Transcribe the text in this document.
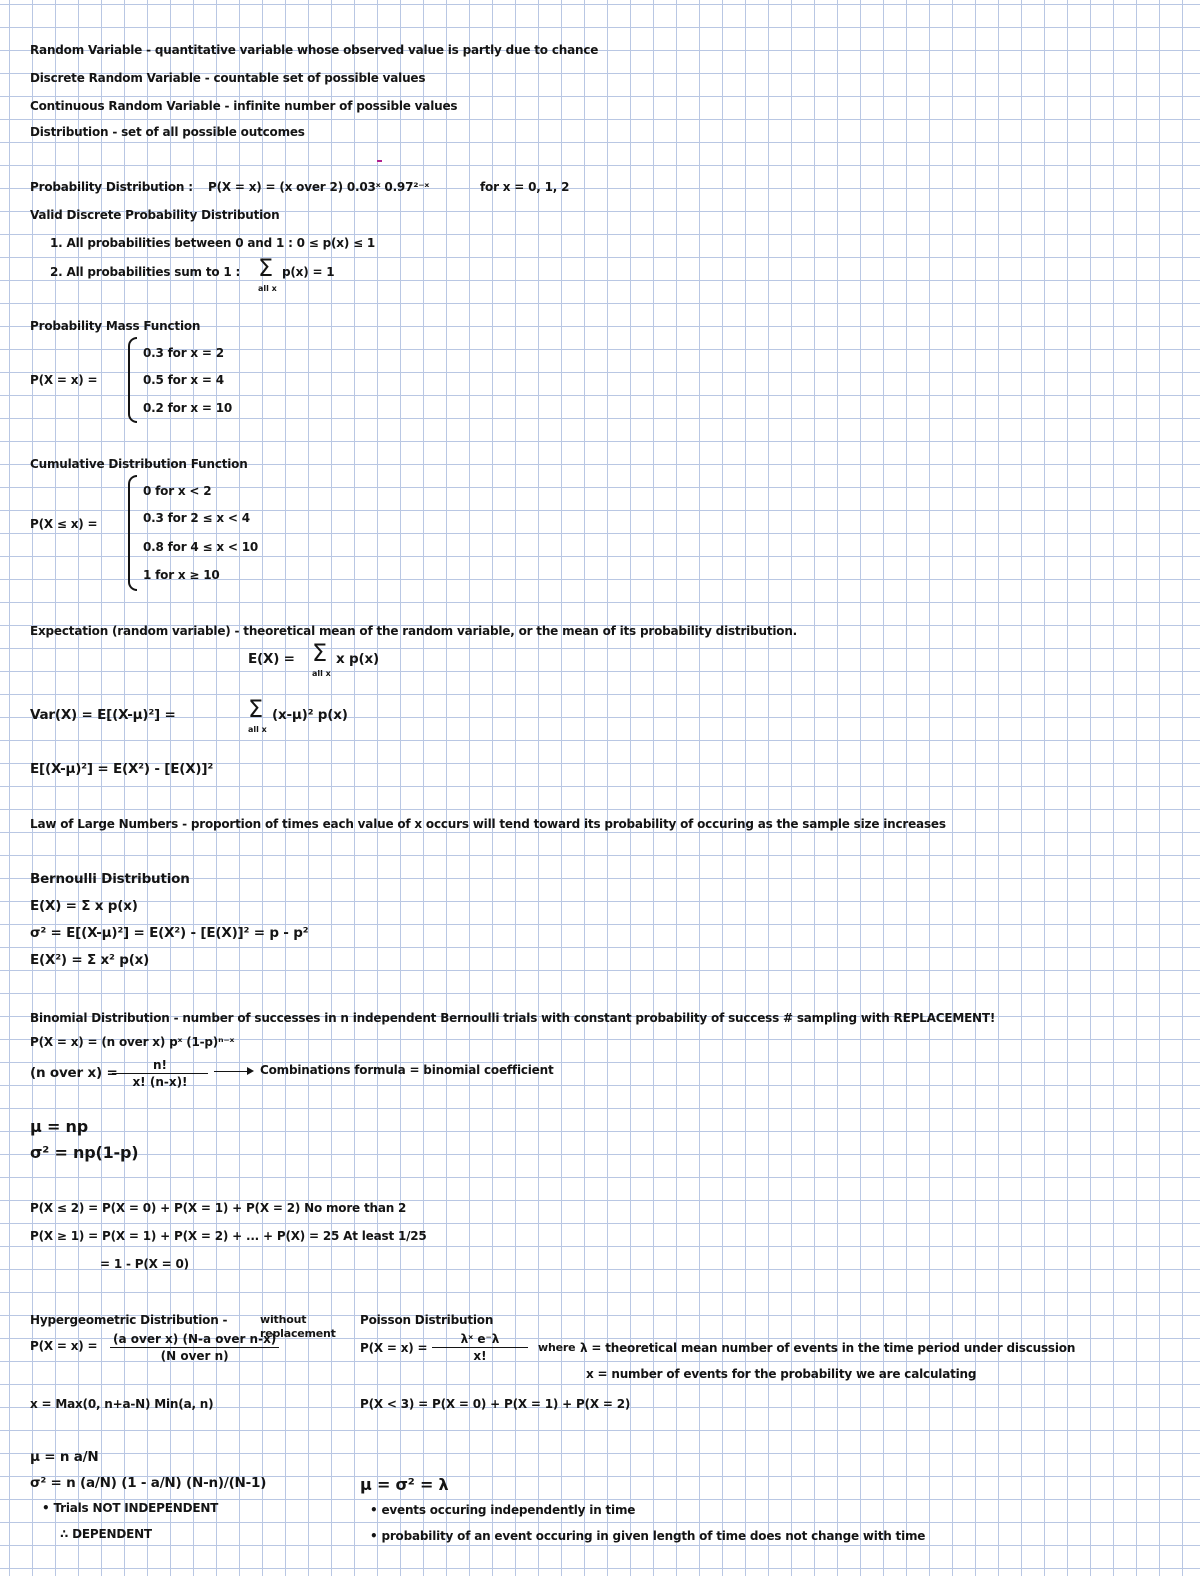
Random Variable - quantitative variable whose observed value is partly due to chance
Discrete Random Variable - countable set of possible values
Continuous Random Variable - infinite number of possible values
Distribution - set of all possible outcomes
Probability Distribution : P(X = x) = (x over 2) 0.03ˣ 0.97²⁻ˣ	for x = 0, 1, 2
Valid Discrete Probability Distribution
1. All probabilities between 0 and 1 : 0 ≤ p(x) ≤ 1
2. All probabilities sum to 1 : Σ
all x
p(x) = 1
Probability Mass Function
P(X = x) =
0.3 for x = 2
0.5 for x = 4
0.2 for x = 10
Cumulative Distribution Function
P(X ≤ x) =
0 for x < 2
0.3 for 2 ≤ x < 4
0.8 for 4 ≤ x < 10
1 for x ≥ 10
Expectation (random variable) - theoretical mean of the random variable, or the mean of its probability distribution.
E(X) = Σ
all x
x p(x)
Var(X) = E[(X-μ)²] =	Σ
all x
(x-μ)² p(x)
E[(X-μ)²] = E(X²) - [E(X)]²
Law of Large Numbers - proportion of times each value of x occurs will tend toward its probability of occuring as the sample size increases
Bernoulli Distribution
E(X) = Σ x p(x)
σ² = E[(X-μ)²] = E(X²) - [E(X)]² = p - p²
E(X²) = Σ x² p(x)
Binomial Distribution - number of successes in n independent Bernoulli trials with constant probability of success # sampling with REPLACEMENT!
P(X = x) = (n over x) pˣ (1-p)ⁿ⁻ˣ
(n over x) =
$\frac{n!}{x! (n-x)!}$	Combinations formula = binomial coefficient
μ = np
σ² = np(1-p)
P(X ≤ 2) = P(X = 0) + P(X = 1) + P(X = 2) No more than 2
P(X ≥ 1) = P(X = 1) + P(X = 2) + ... + P(X) = 25 At least 1/25
= 1 - P(X = 0)
Hypergeometric Distribution -	without
replacement
P(X = x) = (a over x) (N-a over n-x)
(N over n)
x = Max(0, n+a-N) Min(a, n)
μ = n a/N
σ² = n (a/N) (1 - a/N) (N-n)/(N-1)
• Trials NOT INDEPENDENT
∴ DEPENDENT
Poisson Distribution
$P(X = x) = \frac{\text{λˣ e⁻λ}}{x!}$ where λ = theoretical mean number of events in the time period under discussion
x = number of events for the probability we are calculating
P(X < 3) = P(X = 0) + P(X = 1) + P(X = 2)
μ = σ² = λ
• events occuring independently in time
• probability of an event occuring in given length of time does not change with time
